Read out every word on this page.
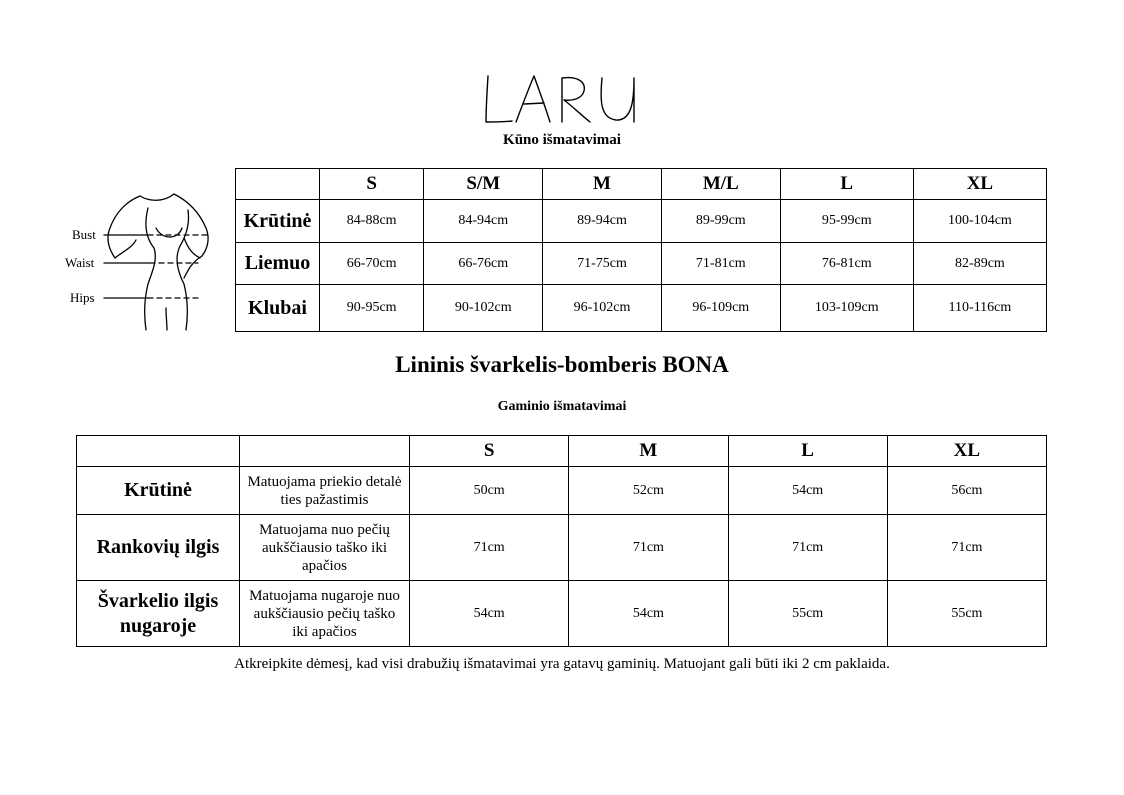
Kūno išmatavimai
Bust
Waist
Hips
	S	S/M	M	M/L	L	XL
Krūtinė	84-88cm	84-94cm	89-94cm	89-99cm	95-99cm	100-104cm
Liemuo	66-70cm	66-76cm	71-75cm	71-81cm	76-81cm	82-89cm
Klubai	90-95cm	90-102cm	96-102cm	96-109cm	103-109cm	110-116cm
Lininis švarkelis-bomberis BONA
Gaminio išmatavimai
		S	M	L	XL
Krūtinė	Matuojama priekio detalė ties pažastimis	50cm	52cm	54cm	56cm
Rankovių ilgis	Matuojama nuo pečių aukščiausio taško iki apačios	71cm	71cm	71cm	71cm
Švarkelio ilgis nugaroje	Matuojama nugaroje nuo aukščiausio pečių taško iki apačios	54cm	54cm	55cm	55cm
Atkreipkite dėmesį, kad visi drabužių išmatavimai yra gatavų gaminių. Matuojant gali būti iki 2 cm paklaida.
